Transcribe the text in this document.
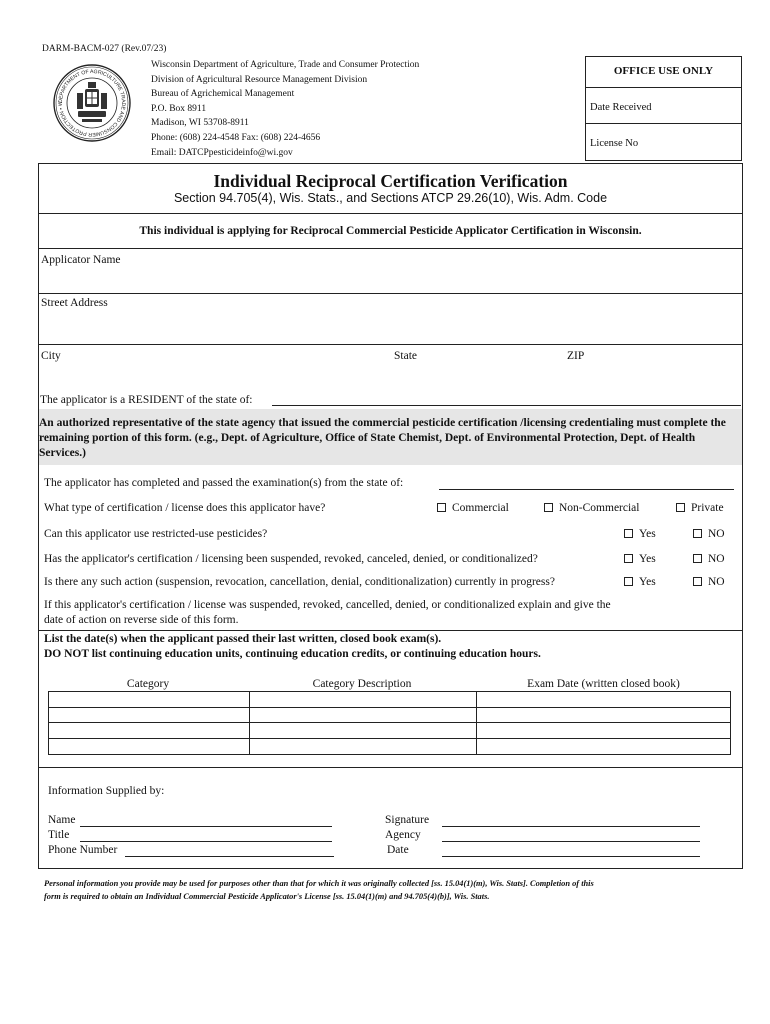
DARM-BACM-027 (Rev.07/23)
DEPARTMENT OF AGRICULTURE TRADE AND CONSUMER PROTECTION • W
Wisconsin Department of Agriculture, Trade and Consumer Protection
Division of Agricultural Resource Management Division
Bureau of Agrichemical Management
P.O. Box 8911
Madison, WI 53708-8911
Phone: (608) 224-4548 Fax: (608) 224-4656
Email: DATCPpesticideinfo@wi.gov
OFFICE USE ONLY
Date Received
License No
Individual Reciprocal Certification Verification
Section 94.705(4), Wis. Stats., and Sections ATCP 29.26(10), Wis. Adm. Code
This individual is applying for Reciprocal Commercial Pesticide Applicator Certification in Wisconsin.
Applicator Name
Street Address
City	State	ZIP
The applicator is a RESIDENT of the state of:
An authorized representative of the state agency that issued the commercial pesticide certification /licensing credentialing must complete the remaining portion of this form. (e.g., Dept. of Agriculture, Office of State Chemist, Dept. of Environmental Protection, Dept. of Health Services.)
The applicator has completed and passed the examination(s) from the state of:
What type of certification / license does this applicator have?	Commercial	Non-Commercial	Private
Can this applicator use restricted-use pesticides?	Yes	NO
Has the applicator's certification / licensing been suspended, revoked, canceled, denied, or conditionalized?	Yes	NO
Is there any such action (suspension, revocation, cancellation, denial, conditionalization) currently in progress?	Yes	NO
If this applicator's certification / license was suspended, revoked, cancelled, denied, or conditionalized explain and give the
date of action on reverse side of this form.
List the date(s) when the applicant passed their last written, closed book exam(s).
DO NOT list continuing education units, continuing education credits, or continuing education hours.
Category	Category Description	Exam Date (written closed book)
Information Supplied by:
Name
Title
Phone Number
Signature
Agency
Date
Personal information you provide may be used for purposes other than that for which it was originally collected [ss. 15.04(1)(m), Wis. Stats]. Completion of this
form is required to obtain an Individual Commercial Pesticide Applicator's License [ss. 15.04(1)(m) and 94.705(4)(b)], Wis. Stats.
